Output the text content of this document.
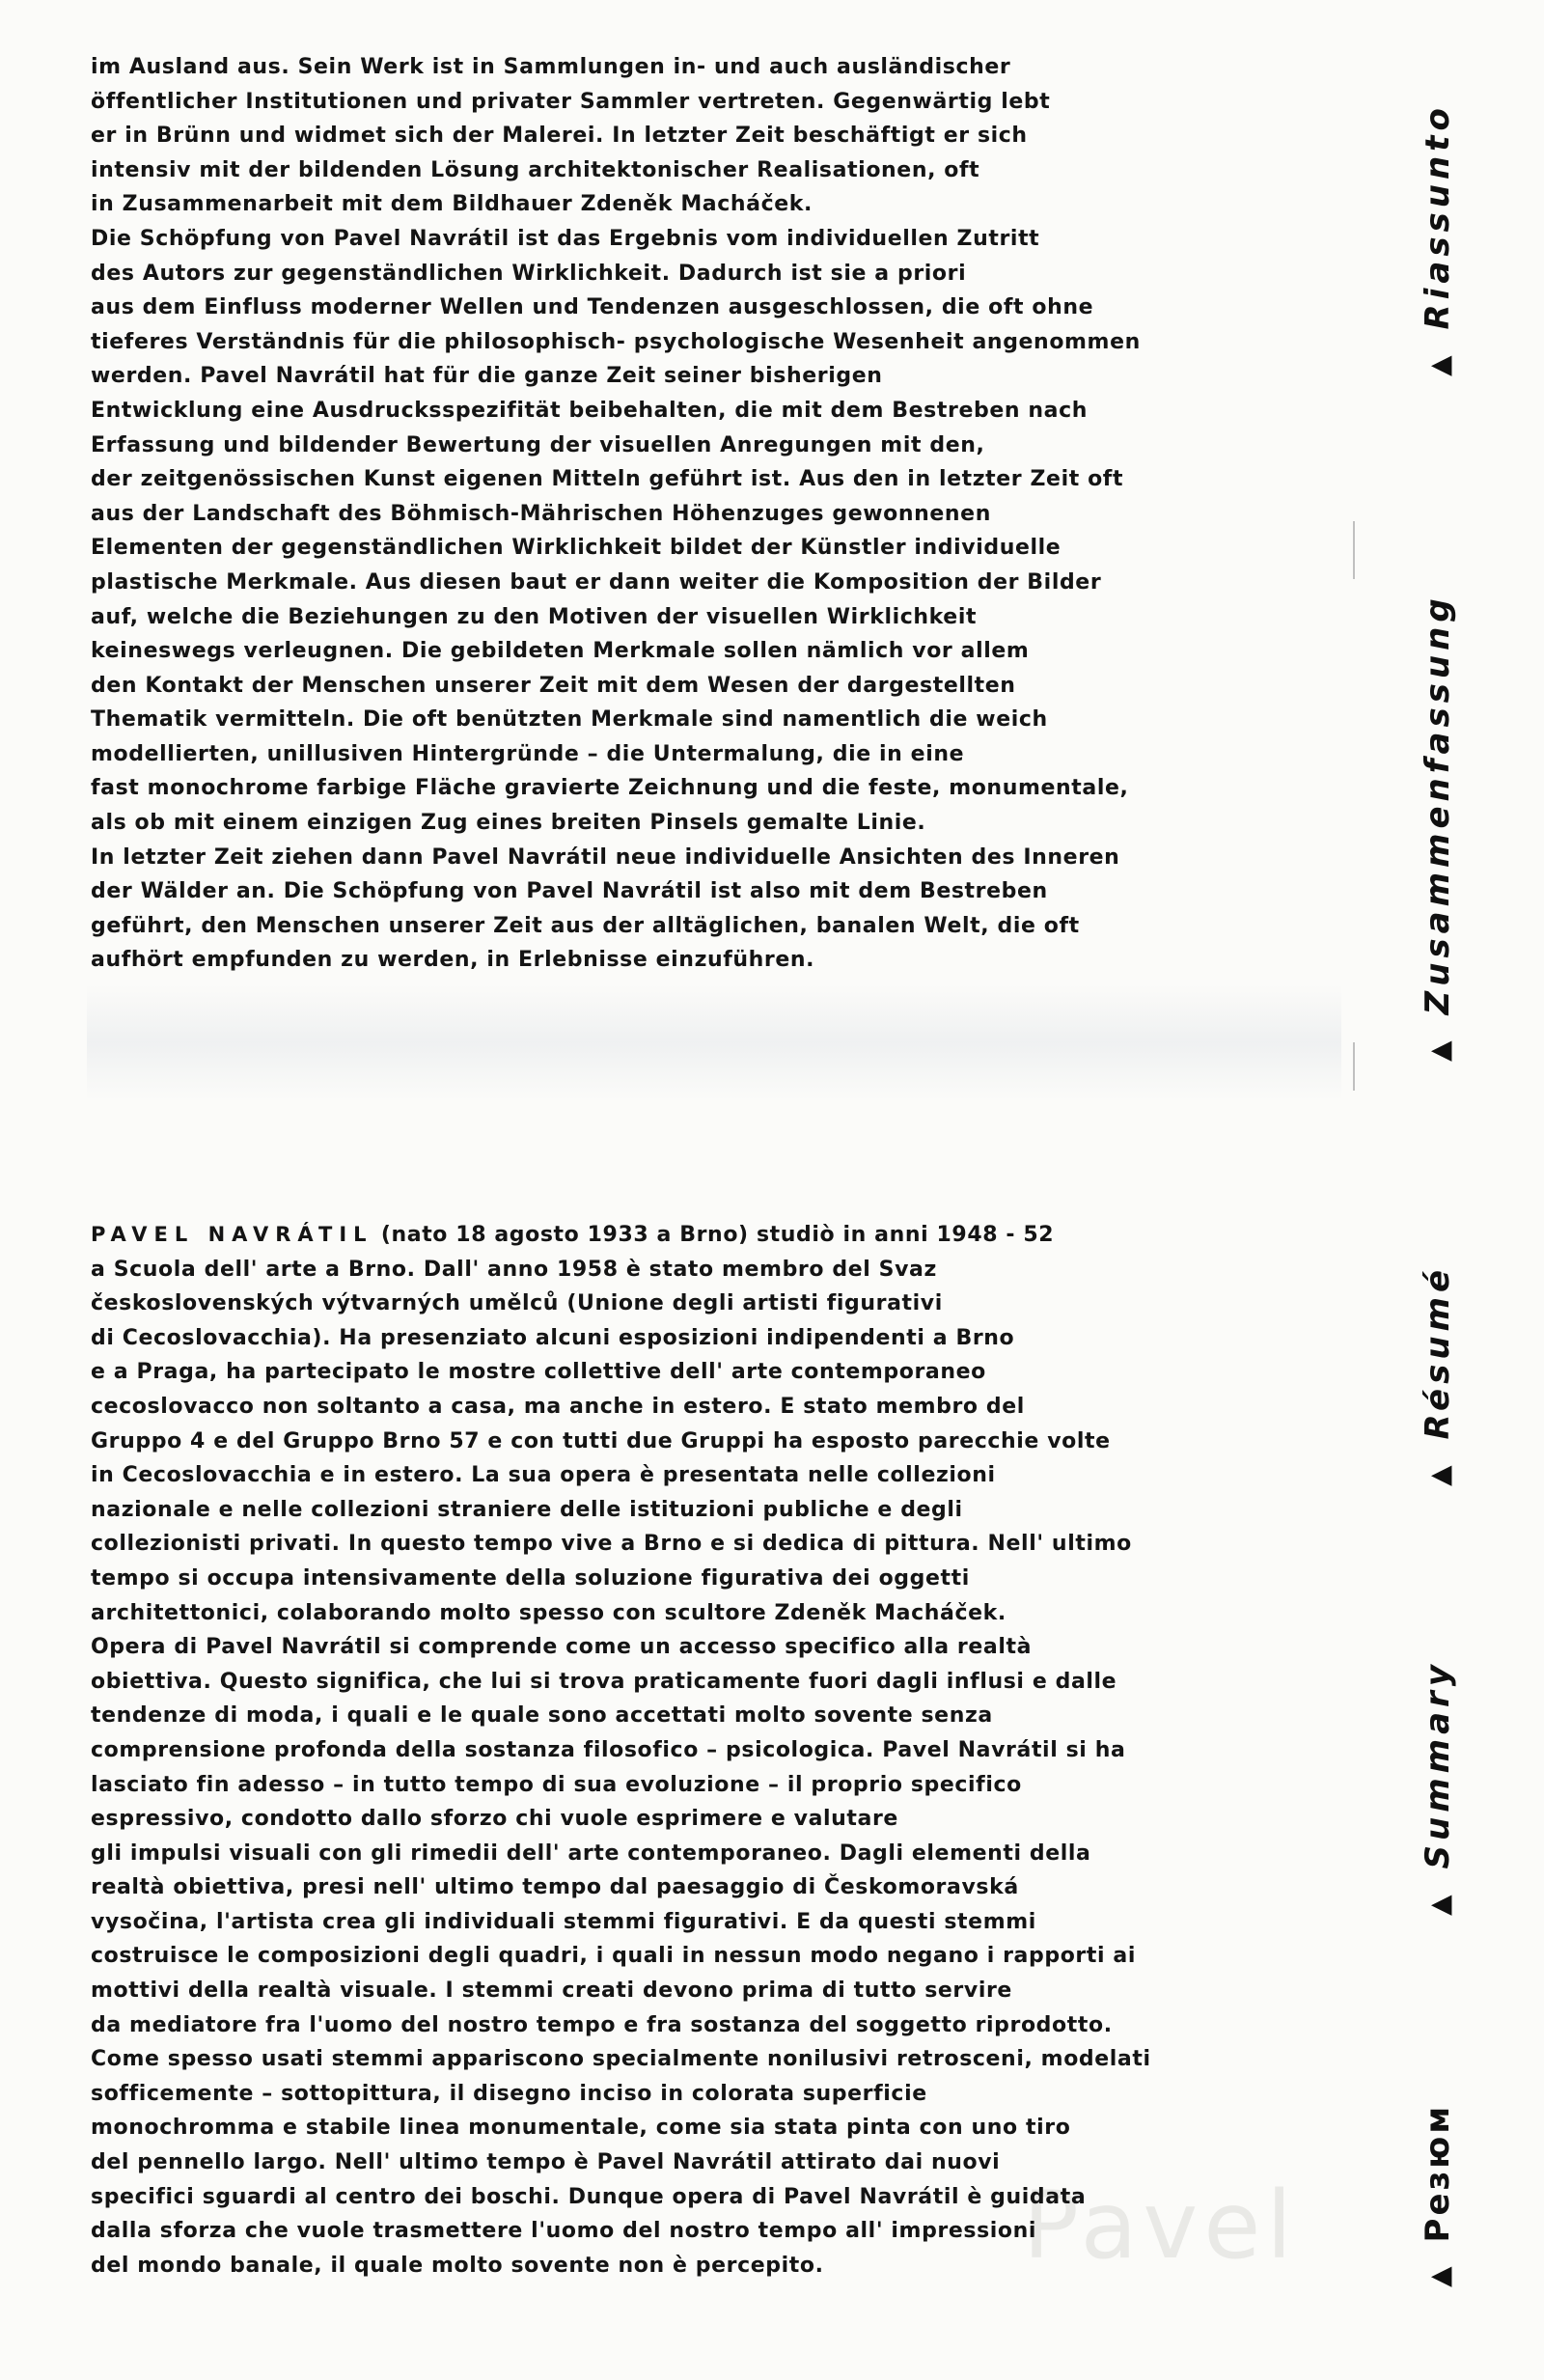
Pavel
im Ausland aus. Sein Werk ist in Sammlungen in- und auch ausländischer
öffentlicher Institutionen und privater Sammler vertreten. Gegenwärtig lebt
er in Brünn und widmet sich der Malerei. In letzter Zeit beschäftigt er sich
intensiv mit der bildenden Lösung architektonischer Realisationen, oft
in Zusammenarbeit mit dem Bildhauer Zdeněk Macháček.
Die Schöpfung von Pavel Navrátil ist das Ergebnis vom individuellen Zutritt
des Autors zur gegenständlichen Wirklichkeit. Dadurch ist sie a priori
aus dem Einfluss moderner Wellen und Tendenzen ausgeschlossen, die oft ohne
tieferes Verständnis für die philosophisch- psychologische Wesenheit angenommen
werden. Pavel Navrátil hat für die ganze Zeit seiner bisherigen
Entwicklung eine Ausdrucksspezifität beibehalten, die mit dem Bestreben nach
Erfassung und bildender Bewertung der visuellen Anregungen mit den,
der zeitgenössischen Kunst eigenen Mitteln geführt ist. Aus den in letzter Zeit oft
aus der Landschaft des Böhmisch-Mährischen Höhenzuges gewonnenen
Elementen der gegenständlichen Wirklichkeit bildet der Künstler individuelle
plastische Merkmale. Aus diesen baut er dann weiter die Komposition der Bilder
auf, welche die Beziehungen zu den Motiven der visuellen Wirklichkeit
keineswegs verleugnen. Die gebildeten Merkmale sollen nämlich vor allem
den Kontakt der Menschen unserer Zeit mit dem Wesen der dargestellten
Thematik vermitteln. Die oft benützten Merkmale sind namentlich die weich
modellierten, unillusiven Hintergründe – die Untermalung, die in eine
fast monochrome farbige Fläche gravierte Zeichnung und die feste, monumentale,
als ob mit einem einzigen Zug eines breiten Pinsels gemalte Linie.
In letzter Zeit ziehen dann Pavel Navrátil neue individuelle Ansichten des Inneren
der Wälder an. Die Schöpfung von Pavel Navrátil ist also mit dem Bestreben
geführt, den Menschen unserer Zeit aus der alltäglichen, banalen Welt, die oft
aufhört empfunden zu werden, in Erlebnisse einzuführen.
PAVEL NAVRÁTIL (nato 18 agosto 1933 a Brno) studiò in anni 1948 - 52
a Scuola dell' arte a Brno. Dall' anno 1958 è stato membro del Svaz
československých výtvarných umělců (Unione degli artisti figurativi
di Cecoslovacchia). Ha presenziato alcuni esposizioni indipendenti a Brno
e a Praga, ha partecipato le mostre collettive dell' arte contemporaneo
cecoslovacco non soltanto a casa, ma anche in estero. E stato membro del
Gruppo 4 e del Gruppo Brno 57 e con tutti due Gruppi ha esposto parecchie volte
in Cecoslovacchia e in estero. La sua opera è presentata nelle collezioni
nazionale e nelle collezioni straniere delle istituzioni publiche e degli
collezionisti privati. In questo tempo vive a Brno e si dedica di pittura. Nell' ultimo
tempo si occupa intensivamente della soluzione figurativa dei oggetti
architettonici, colaborando molto spesso con scultore Zdeněk Macháček.
Opera di Pavel Navrátil si comprende come un accesso specifico alla realtà
obiettiva. Questo significa, che lui si trova praticamente fuori dagli influsi e dalle
tendenze di moda, i quali e le quale sono accettati molto sovente senza
comprensione profonda della sostanza filosofico – psicologica. Pavel Navrátil si ha
lasciato fin adesso – in tutto tempo di sua evoluzione – il proprio specifico
espressivo, condotto dallo sforzo chi vuole esprimere e valutare
gli impulsi visuali con gli rimedii dell' arte contemporaneo. Dagli elementi della
realtà obiettiva, presi nell' ultimo tempo dal paesaggio di Českomoravská
vysočina, l'artista crea gli individuali stemmi figurativi. E da questi stemmi
costruisce le composizioni degli quadri, i quali in nessun modo negano i rapporti ai
mottivi della realtà visuale. I stemmi creati devono prima di tutto servire
da mediatore fra l'uomo del nostro tempo e fra sostanza del soggetto riprodotto.
Come spesso usati stemmi appariscono specialmente nonilusivi retrosceni, modelati
sofficemente – sottopittura, il disegno inciso in colorata superficie
monochromma e stabile linea monumentale, come sia stata pinta con uno tiro
del pennello largo. Nell' ultimo tempo è Pavel Navrátil attirato dai nuovi
specifici sguardi al centro dei boschi. Dunque opera di Pavel Navrátil è guidata
dalla sforza che vuole trasmettere l'uomo del nostro tempo all' impressioni
del mondo banale, il quale molto sovente non è percepito.
▲Riassunto
▲Zusammenfassung
▲Résumé
▲Summary
▲Резюм
